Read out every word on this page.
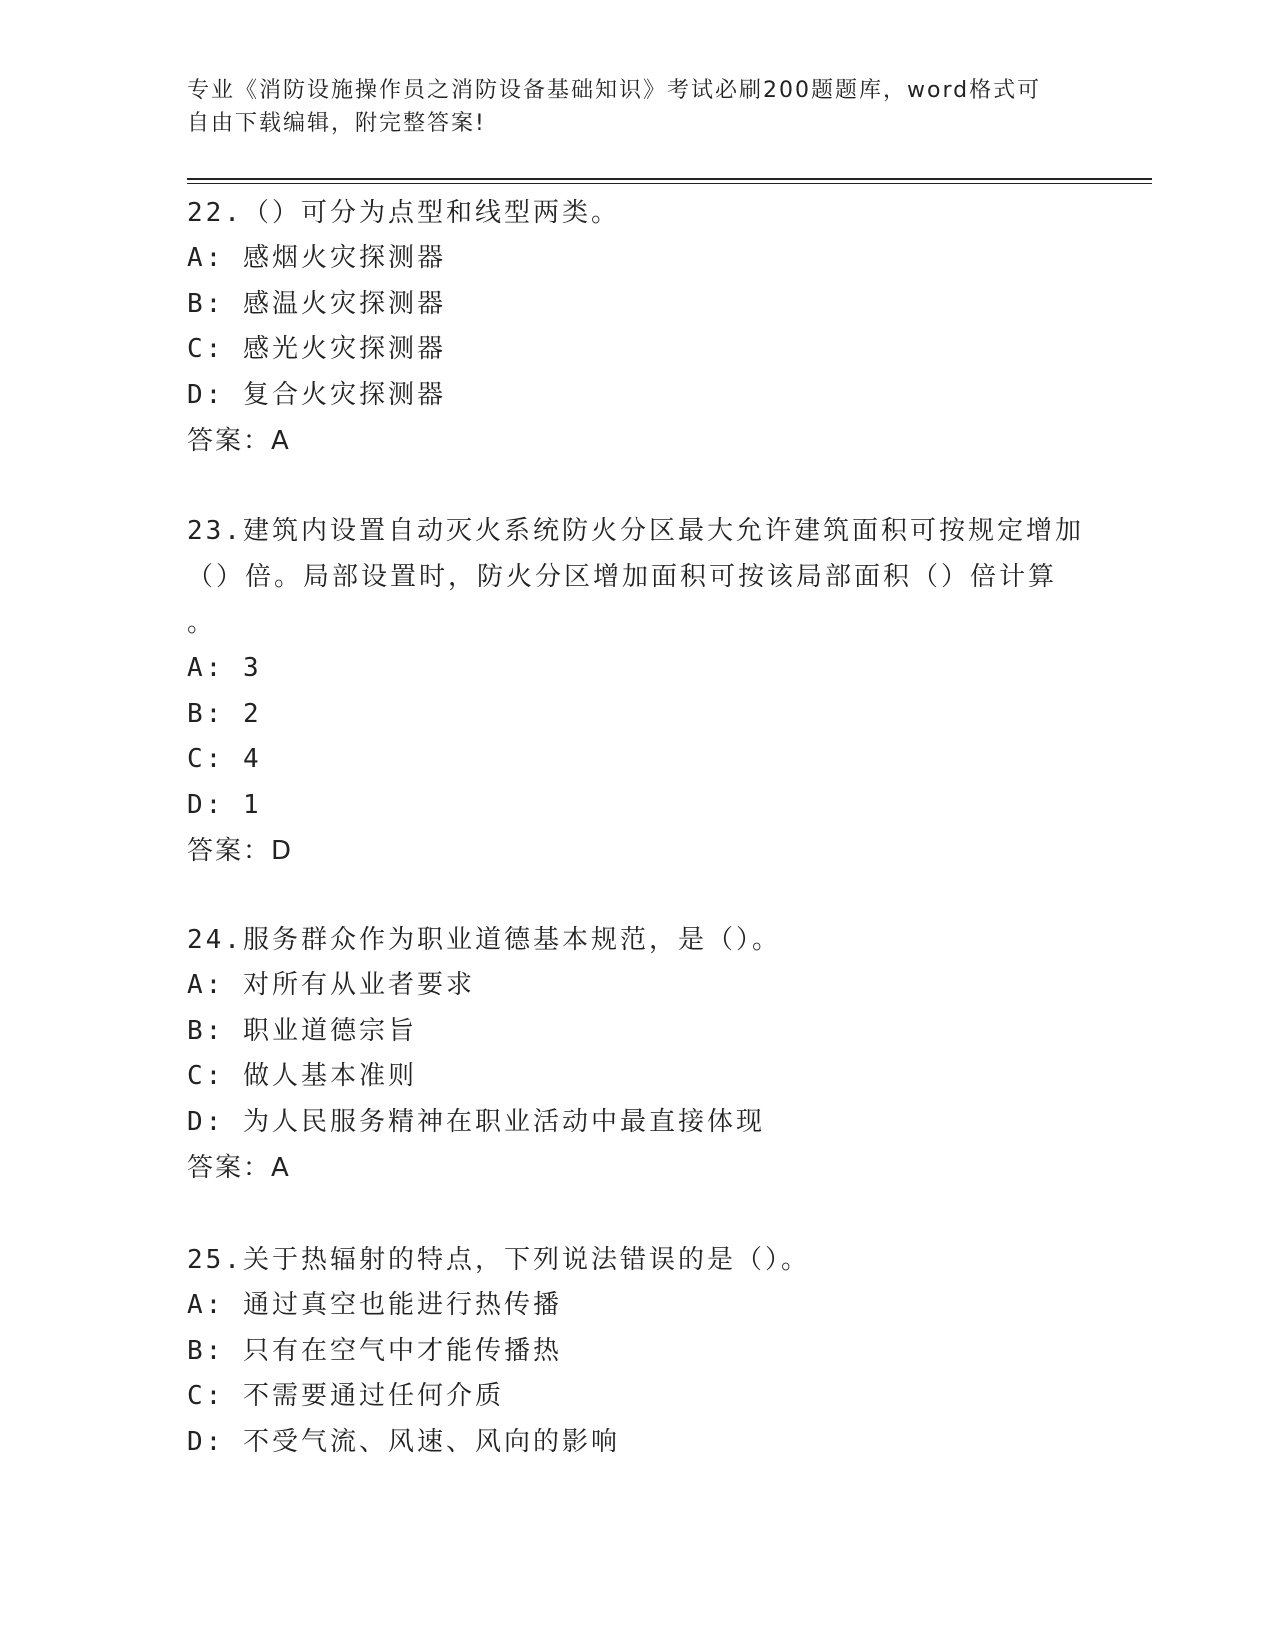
专业《消防设施操作员之消防设备基础知识》考试必刷200题题库，word格式可
自由下载编辑，附完整答案!
22.（）可分为点型和线型两类。
A: 感烟火灾探测器
B: 感温火灾探测器
C: 感光火灾探测器
D: 复合火灾探测器
答案：A
23.建筑内设置自动灭火系统防火分区最大允许建筑面积可按规定增加
（）倍。局部设置时，防火分区增加面积可按该局部面积（）倍计算
。
A: 3
B: 2
C: 4
D: 1
答案：D
24.服务群众作为职业道德基本规范，是（）。
A: 对所有从业者要求
B: 职业道德宗旨
C: 做人基本准则
D: 为人民服务精神在职业活动中最直接体现
答案：A
25.关于热辐射的特点，下列说法错误的是（）。
A: 通过真空也能进行热传播
B: 只有在空气中才能传播热
C: 不需要通过任何介质
D: 不受气流、风速、风向的影响
